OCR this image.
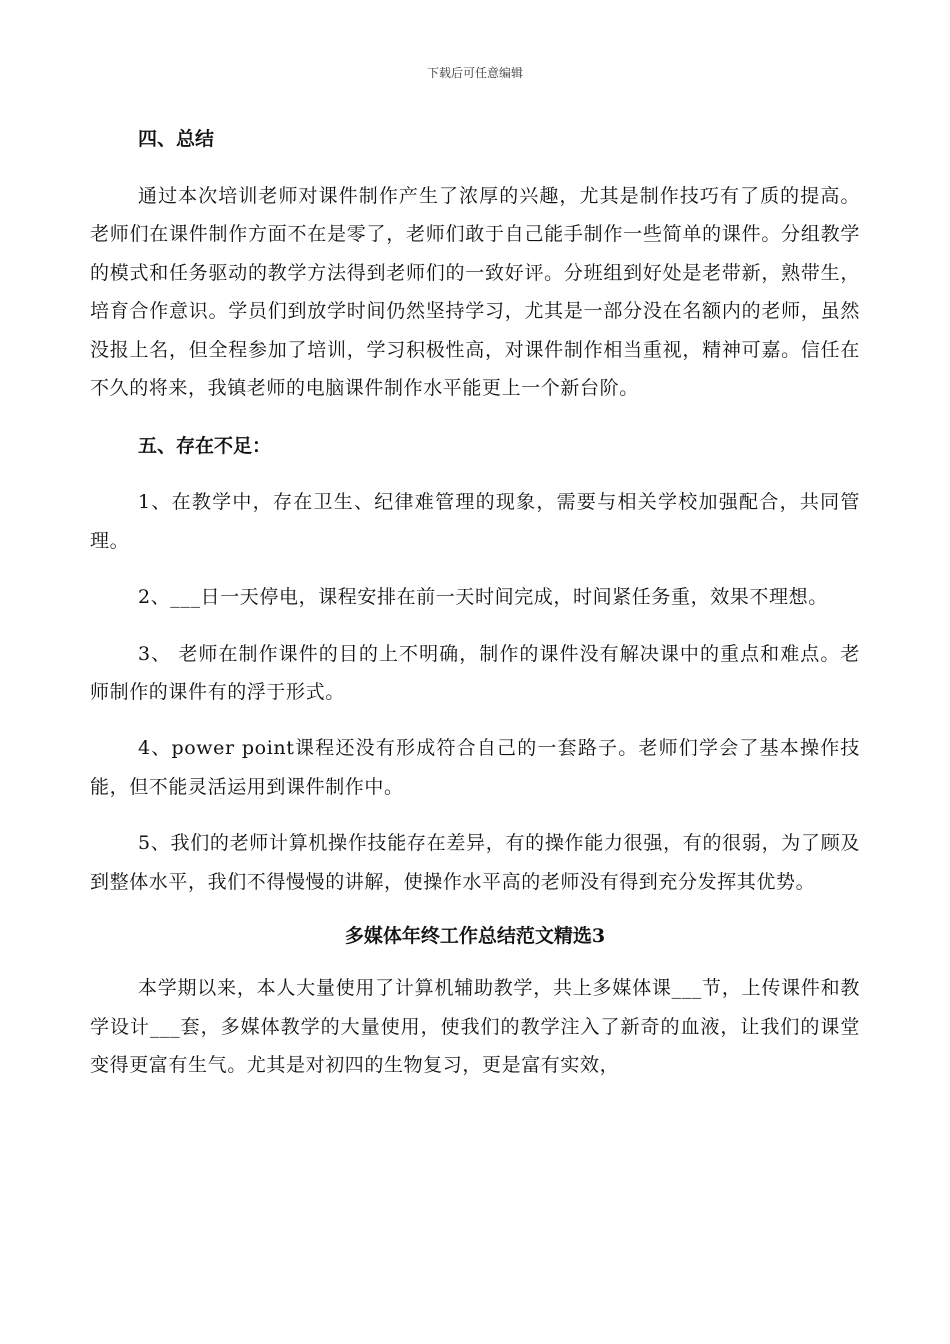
下载后可任意编辑
四、总结

通过本次培训老师对课件制作产生了浓厚的兴趣，尤其是制作技巧有了质的提高。老师们在课件制作方面不在是零了，老师们敢于自己能手制作一些简单的课件。分组教学的模式和任务驱动的教学方法得到老师们的一致好评。分班组到好处是老带新，熟带生，培育合作意识。学员们到放学时间仍然坚持学习，尤其是一部分没在名额内的老师，虽然没报上名，但全程参加了培训，学习积极性高，对课件制作相当重视，精神可嘉。信任在不久的将来，我镇老师的电脑课件制作水平能更上一个新台阶。

五、存在不足：

1、在教学中，存在卫生、纪律难管理的现象，需要与相关学校加强配合，共同管理。

2、___日一天停电，课程安排在前一天时间完成，时间紧任务重，效果不理想。

3、 老师在制作课件的目的上不明确，制作的课件没有解决课中的重点和难点。老师制作的课件有的浮于形式。

4、power point课程还没有形成符合自己的一套路子。老师们学会了基本操作技能，但不能灵活运用到课件制作中。

5、我们的老师计算机操作技能存在差异，有的操作能力很强，有的很弱，为了顾及到整体水平，我们不得慢慢的讲解，使操作水平高的老师没有得到充分发挥其优势。

多媒体年终工作总结范文精选3

本学期以来，本人大量使用了计算机辅助教学，共上多媒体课___节，上传课件和教学设计___套，多媒体教学的大量使用，使我们的教学注入了新奇的血液，让我们的课堂变得更富有生气。尤其是对初四的生物复习，更是富有实效，
